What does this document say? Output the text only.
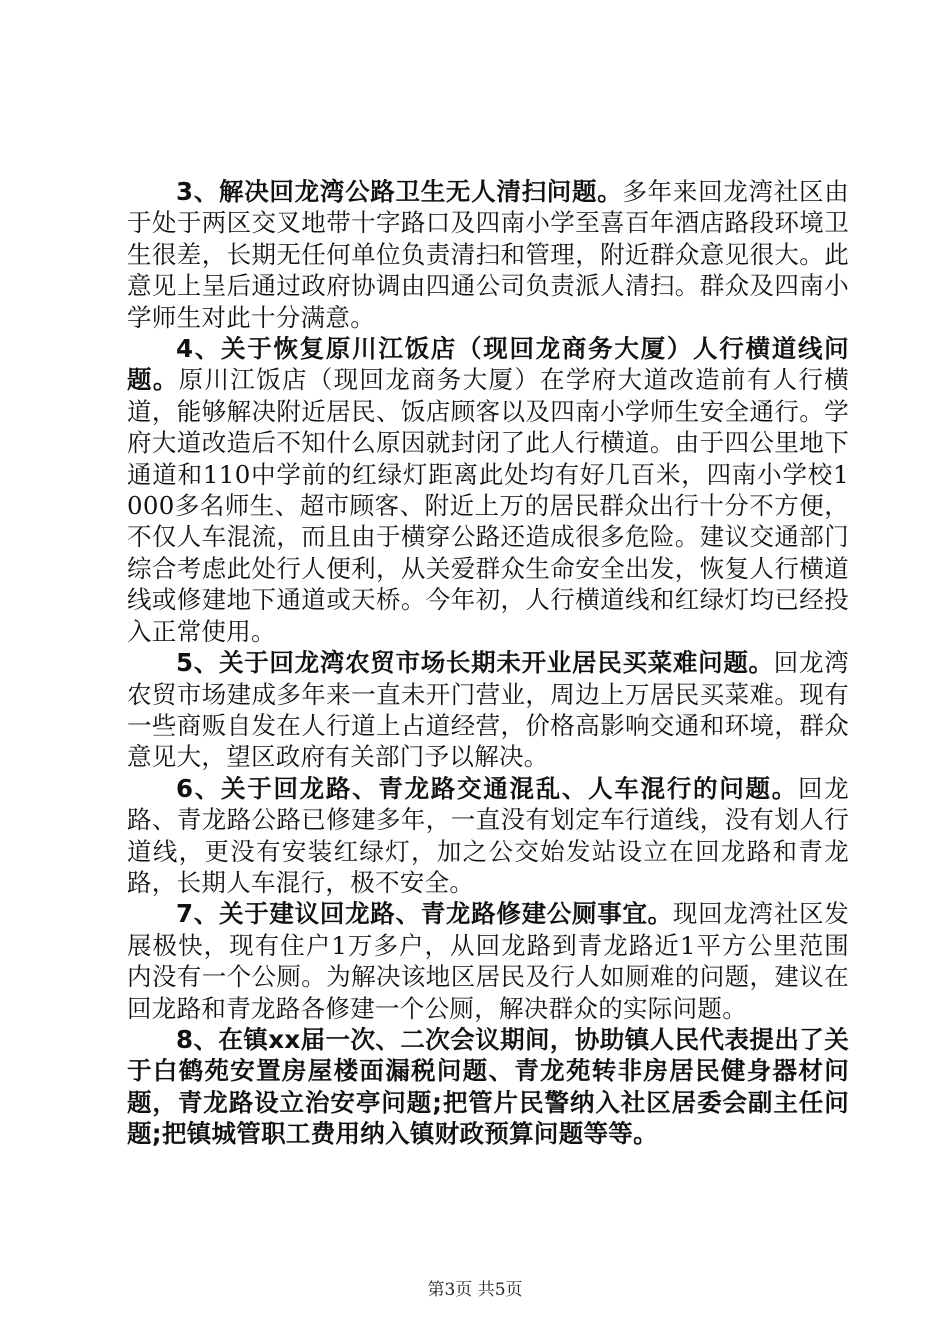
3、解决回龙湾公路卫生无人清扫问题。多年来回龙湾社区由于处于两区交叉地带十字路口及四南小学至喜百年酒店路段环境卫生很差，长期无任何单位负责清扫和管理，附近群众意见很大。此意见上呈后通过政府协调由四通公司负责派人清扫。群众及四南小学师生对此十分满意。

4、关于恢复原川江饭店（现回龙商务大厦）人行横道线问题。原川江饭店（现回龙商务大厦）在学府大道改造前有人行横道，能够解决附近居民、饭店顾客以及四南小学师生安全通行。学府大道改造后不知什么原因就封闭了此人行横道。由于四公里地下通道和110中学前的红绿灯距离此处均有好几百米，四南小学校1000多名师生、超市顾客、附近上万的居民群众出行十分不方便，不仅人车混流，而且由于横穿公路还造成很多危险。建议交通部门综合考虑此处行人便利，从关爱群众生命安全出发，恢复人行横道线或修建地下通道或天桥。今年初，人行横道线和红绿灯均已经投入正常使用。

5、关于回龙湾农贸市场长期未开业居民买菜难问题。回龙湾农贸市场建成多年来一直未开门营业，周边上万居民买菜难。现有一些商贩自发在人行道上占道经营，价格高影响交通和环境，群众意见大，望区政府有关部门予以解决。

6、关于回龙路、青龙路交通混乱、人车混行的问题。回龙路、青龙路公路已修建多年，一直没有划定车行道线，没有划人行道线，更没有安装红绿灯，加之公交始发站设立在回龙路和青龙路，长期人车混行，极不安全。

7、关于建议回龙路、青龙路修建公厕事宜。现回龙湾社区发展极快，现有住户1万多户，从回龙路到青龙路近1平方公里范围内没有一个公厕。为解决该地区居民及行人如厕难的问题，建议在回龙路和青龙路各修建一个公厕，解决群众的实际问题。

8、在镇xx届一次、二次会议期间，协助镇人民代表提出了关于白鹤苑安置房屋楼面漏税问题、青龙苑转非房居民健身器材问题，青龙路设立治安亭问题;把管片民警纳入社区居委会副主任问题;把镇城管职工费用纳入镇财政预算问题等等。

第3页 共5页
